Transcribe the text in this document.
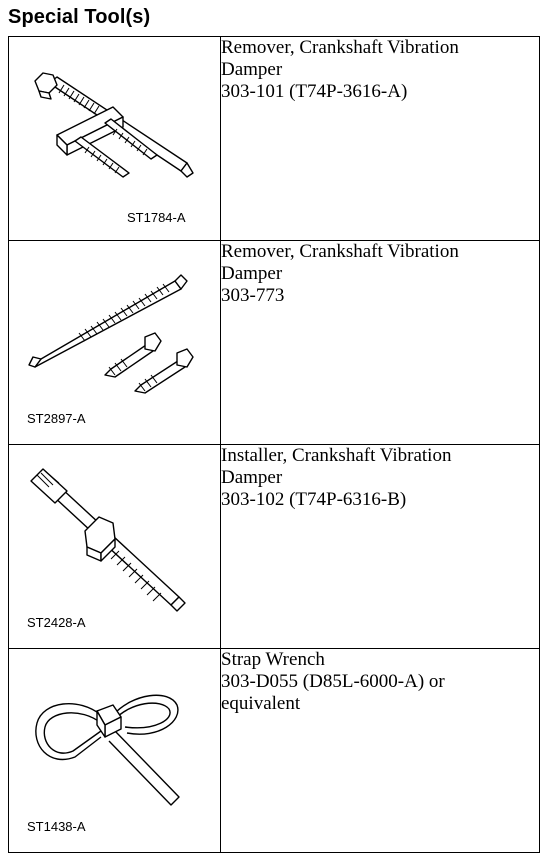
Special Tool(s)
ST1784-A	Remover, Crankshaft Vibration
Damper
303-101 (T74P-3616-A)

ST2897-A	Remover, Crankshaft Vibration
Damper
303-773

ST2428-A	Installer, Crankshaft Vibration
Damper
303-102 (T74P-6316-B)

ST1438-A	Strap Wrench
303-D055 (D85L-6000-A) or
equivalent
